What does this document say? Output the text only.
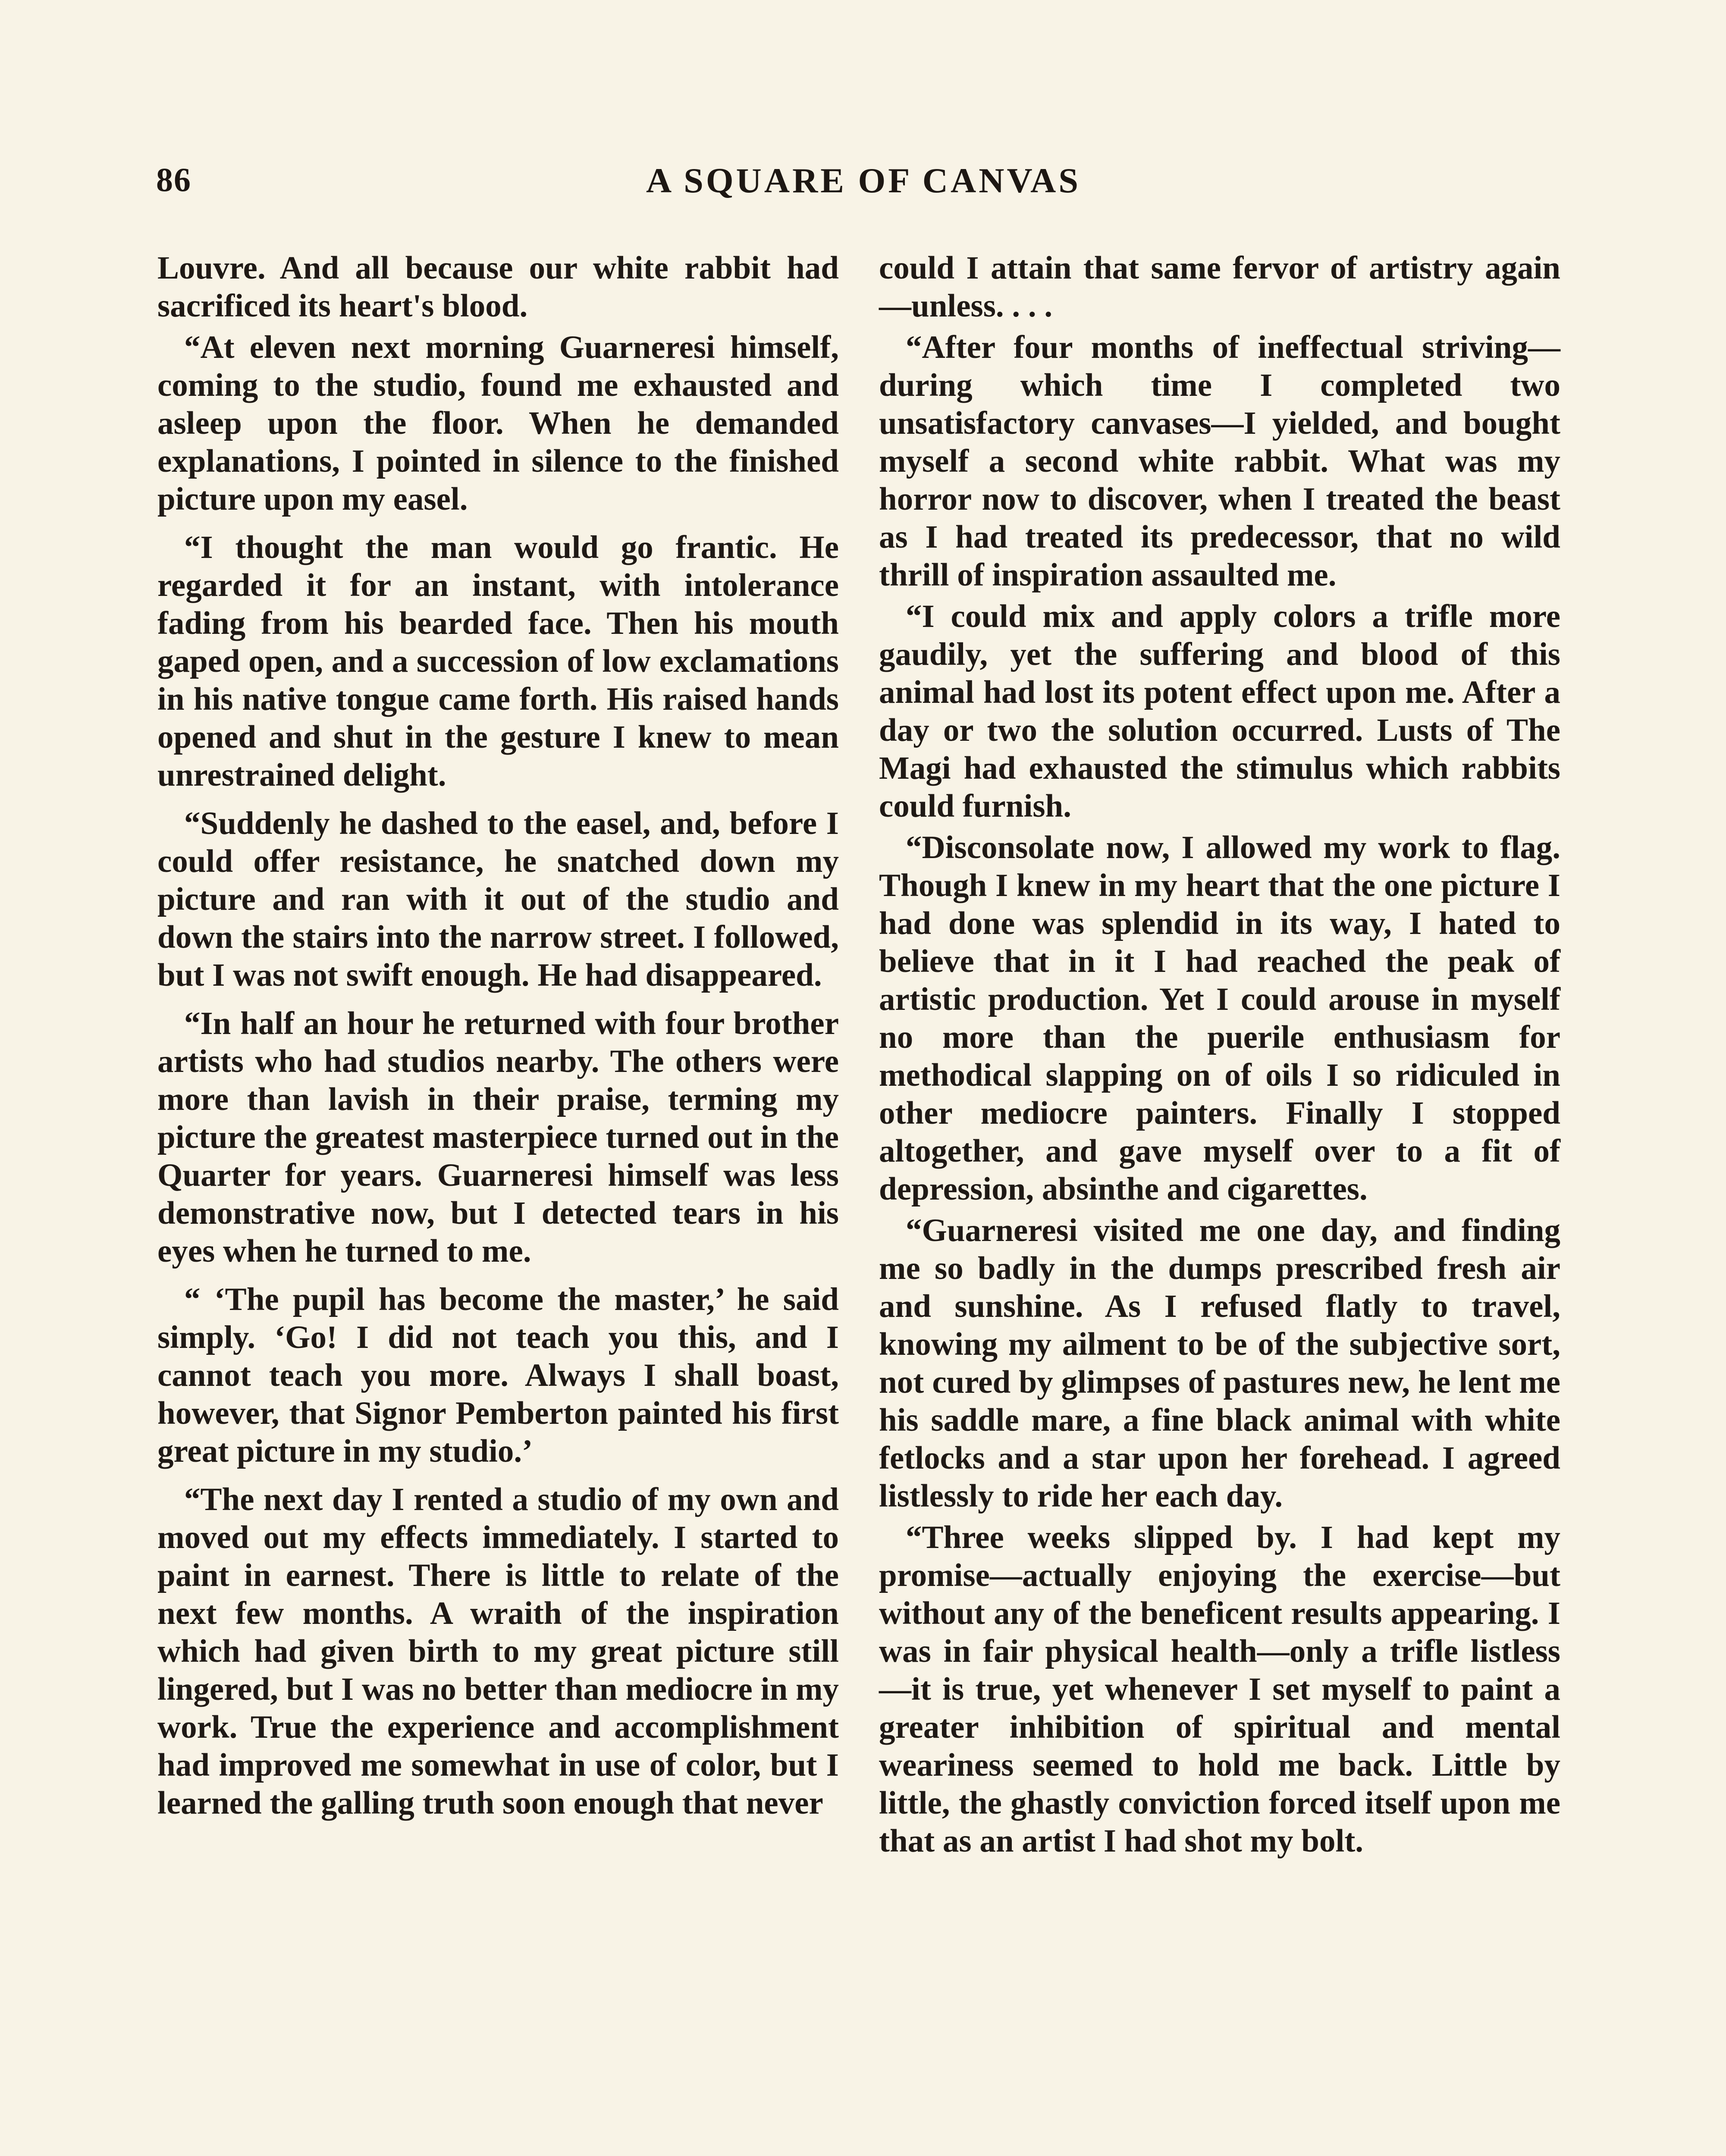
86	A SQUARE OF CANVAS

Louvre. And all because our white rabbit had sacrificed its heart's blood.

“At eleven next morning Guarneresi himself, coming to the studio, found me exhausted and asleep upon the floor. When he demanded explanations, I pointed in silence to the finished picture upon my easel.

“I thought the man would go frantic. He regarded it for an instant, with intolerance fading from his bearded face. Then his mouth gaped open, and a succession of low exclamations in his native tongue came forth. His raised hands opened and shut in the gesture I knew to mean unrestrained delight.

“Suddenly he dashed to the easel, and, before I could offer resistance, he snatched down my picture and ran with it out of the studio and down the stairs into the narrow street. I followed, but I was not swift enough. He had disappeared.

“In half an hour he returned with four brother artists who had studios nearby. The others were more than lavish in their praise, terming my picture the greatest masterpiece turned out in the Quarter for years. Guarneresi himself was less demonstrative now, but I detected tears in his eyes when he turned to me.

“ ‘The pupil has become the master,’ he said simply. ‘Go! I did not teach you this, and I cannot teach you more. Always I shall boast, however, that Signor Pemberton painted his first great picture in my studio.’

“The next day I rented a studio of my own and moved out my effects immediately. I started to paint in earnest. There is little to relate of the next few months. A wraith of the inspiration which had given birth to my great picture still lingered, but I was no better than mediocre in my work. True the experience and accomplishment had improved me somewhat in use of color, but I learned the galling truth soon enough that never

could I attain that same fervor of artistry again—unless. . . .

“After four months of ineffectual striving—during which time I completed two unsatisfactory canvases—I yielded, and bought myself a second white rabbit. What was my horror now to discover, when I treated the beast as I had treated its predecessor, that no wild thrill of inspiration assaulted me.

“I could mix and apply colors a trifle more gaudily, yet the suffering and blood of this animal had lost its potent effect upon me. After a day or two the solution occurred. Lusts of The Magi had exhausted the stimulus which rabbits could furnish.

“Disconsolate now, I allowed my work to flag. Though I knew in my heart that the one picture I had done was splendid in its way, I hated to believe that in it I had reached the peak of artistic production. Yet I could arouse in myself no more than the puerile enthusiasm for methodical slapping on of oils I so ridiculed in other mediocre painters. Finally I stopped altogether, and gave myself over to a fit of depression, absinthe and cigarettes.

“Guarneresi visited me one day, and finding me so badly in the dumps prescribed fresh air and sunshine. As I refused flatly to travel, knowing my ailment to be of the subjective sort, not cured by glimpses of pastures new, he lent me his saddle mare, a fine black animal with white fetlocks and a star upon her forehead. I agreed listlessly to ride her each day.

“Three weeks slipped by. I had kept my promise—actually enjoying the exercise—but without any of the beneficent results appearing. I was in fair physical health—only a trifle listless—it is true, yet whenever I set myself to paint a greater inhibition of spiritual and mental weariness seemed to hold me back. Little by little, the ghastly conviction forced itself upon me that as an artist I had shot my bolt.
